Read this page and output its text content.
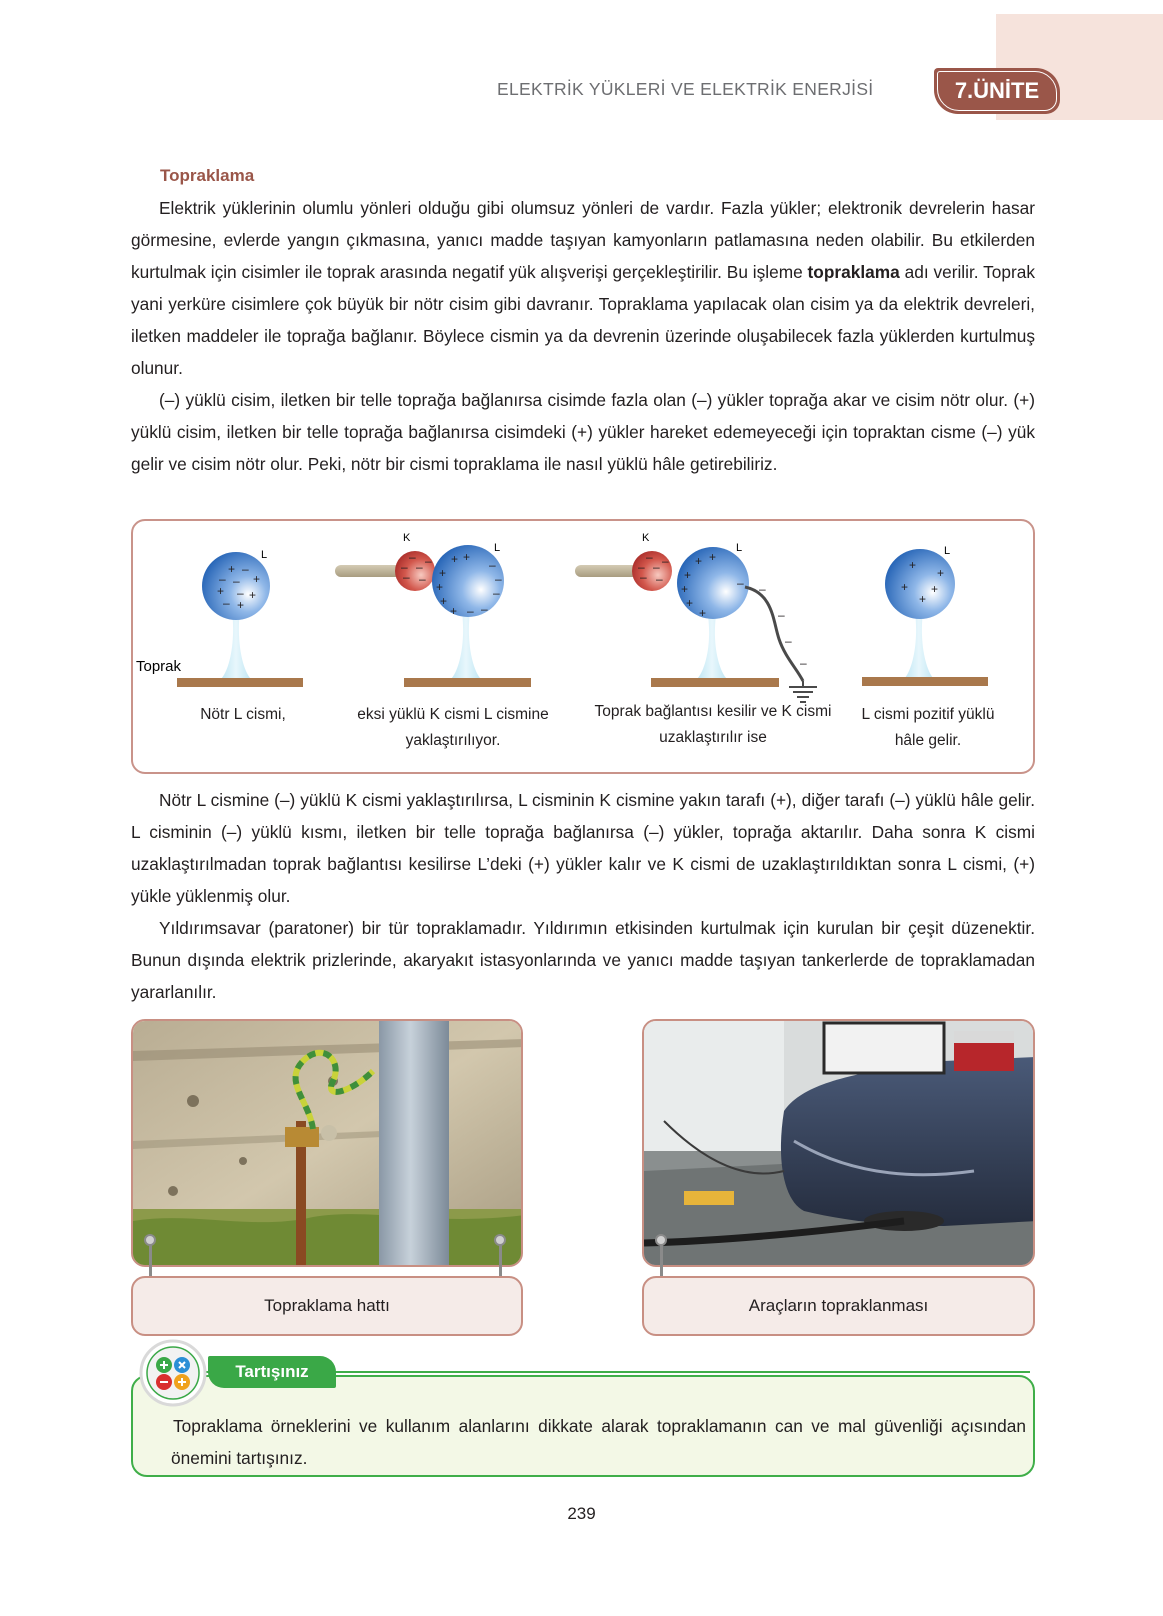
ELEKTRİK YÜKLERİ VE ELEKTRİK ENERJİSİ	7.ÜNİTE
Topraklama

Elektrik yüklerinin olumlu yönleri olduğu gibi olumsuz yönleri de vardır. Fazla yükler; elektronik devrelerin hasar görmesine, evlerde yangın çıkmasına, yanıcı madde taşıyan kamyonların patlamasına neden olabilir. Bu etkilerden kurtulmak için cisimler ile toprak arasında negatif yük alışverişi gerçekleştirilir. Bu işleme topraklama adı verilir. Toprak yani yerküre cisimlere çok büyük bir nötr cisim gibi davranır. Topraklama yapılacak olan cisim ya da elektrik devreleri, iletken maddeler ile toprağa bağlanır. Böylece cismin ya da devrenin üzerinde oluşabilecek fazla yüklerden kurtulmuş olunur.

(–) yüklü cisim, iletken bir telle toprağa bağlanırsa cisimde fazla olan (–) yükler toprağa akar ve cisim nötr olur. (+) yüklü cisim, iletken bir telle toprağa bağlanırsa cisimdeki (+) yükler hareket edemeyeceği için topraktan cisme (–) yük gelir ve cisim nötr olur. Peki, nötr bir cismi topraklama ile nasıl yüklü hâle getirebiliriz.

L
+ –
– +
–
+ – +
– +
Toprak
K
–
– – –
– –
L
+ +
+
+
+
+
–
–
–
–
–
K
–
– – –
– –
L
+ +
+
+
+
+
– –
–
–
–
L
+
+
+ +
+
Nötr L cismi,	eksi yüklü K cismi L cismine yaklaştırılıyor.
Toprak bağlantısı kesilir ve K cismi uzaklaştırılır ise
L cismi pozitif yüklü hâle gelir.

Nötr L cismine (–) yüklü K cismi yaklaştırılırsa, L cisminin K cismine yakın tarafı (+), diğer tarafı (–) yüklü hâle gelir. L cisminin (–) yüklü kısmı, iletken bir telle toprağa bağlanırsa (–) yükler, toprağa aktarılır. Daha sonra K cismi uzaklaştırılmadan toprak bağlantısı kesilirse L’deki (+) yükler kalır ve K cismi de uzaklaştırıldıktan sonra L cismi, (+) yükle yüklenmiş olur.

Yıldırımsavar (paratoner) bir tür topraklamadır. Yıldırımın etkisinden kurtulmak için kurulan bir çeşit düzenektir. Bunun dışında elektrik prizlerinde, akaryakıt istasyonlarında ve yanıcı madde taşıyan tankerlerde de topraklamadan yararlanılır.

Topraklama hattı	Araçların topraklanması
Tartışınız

Topraklama örneklerini ve kullanım alanlarını dikkate alarak topraklamanın can ve mal güvenliği açısından önemini tartışınız.

239
